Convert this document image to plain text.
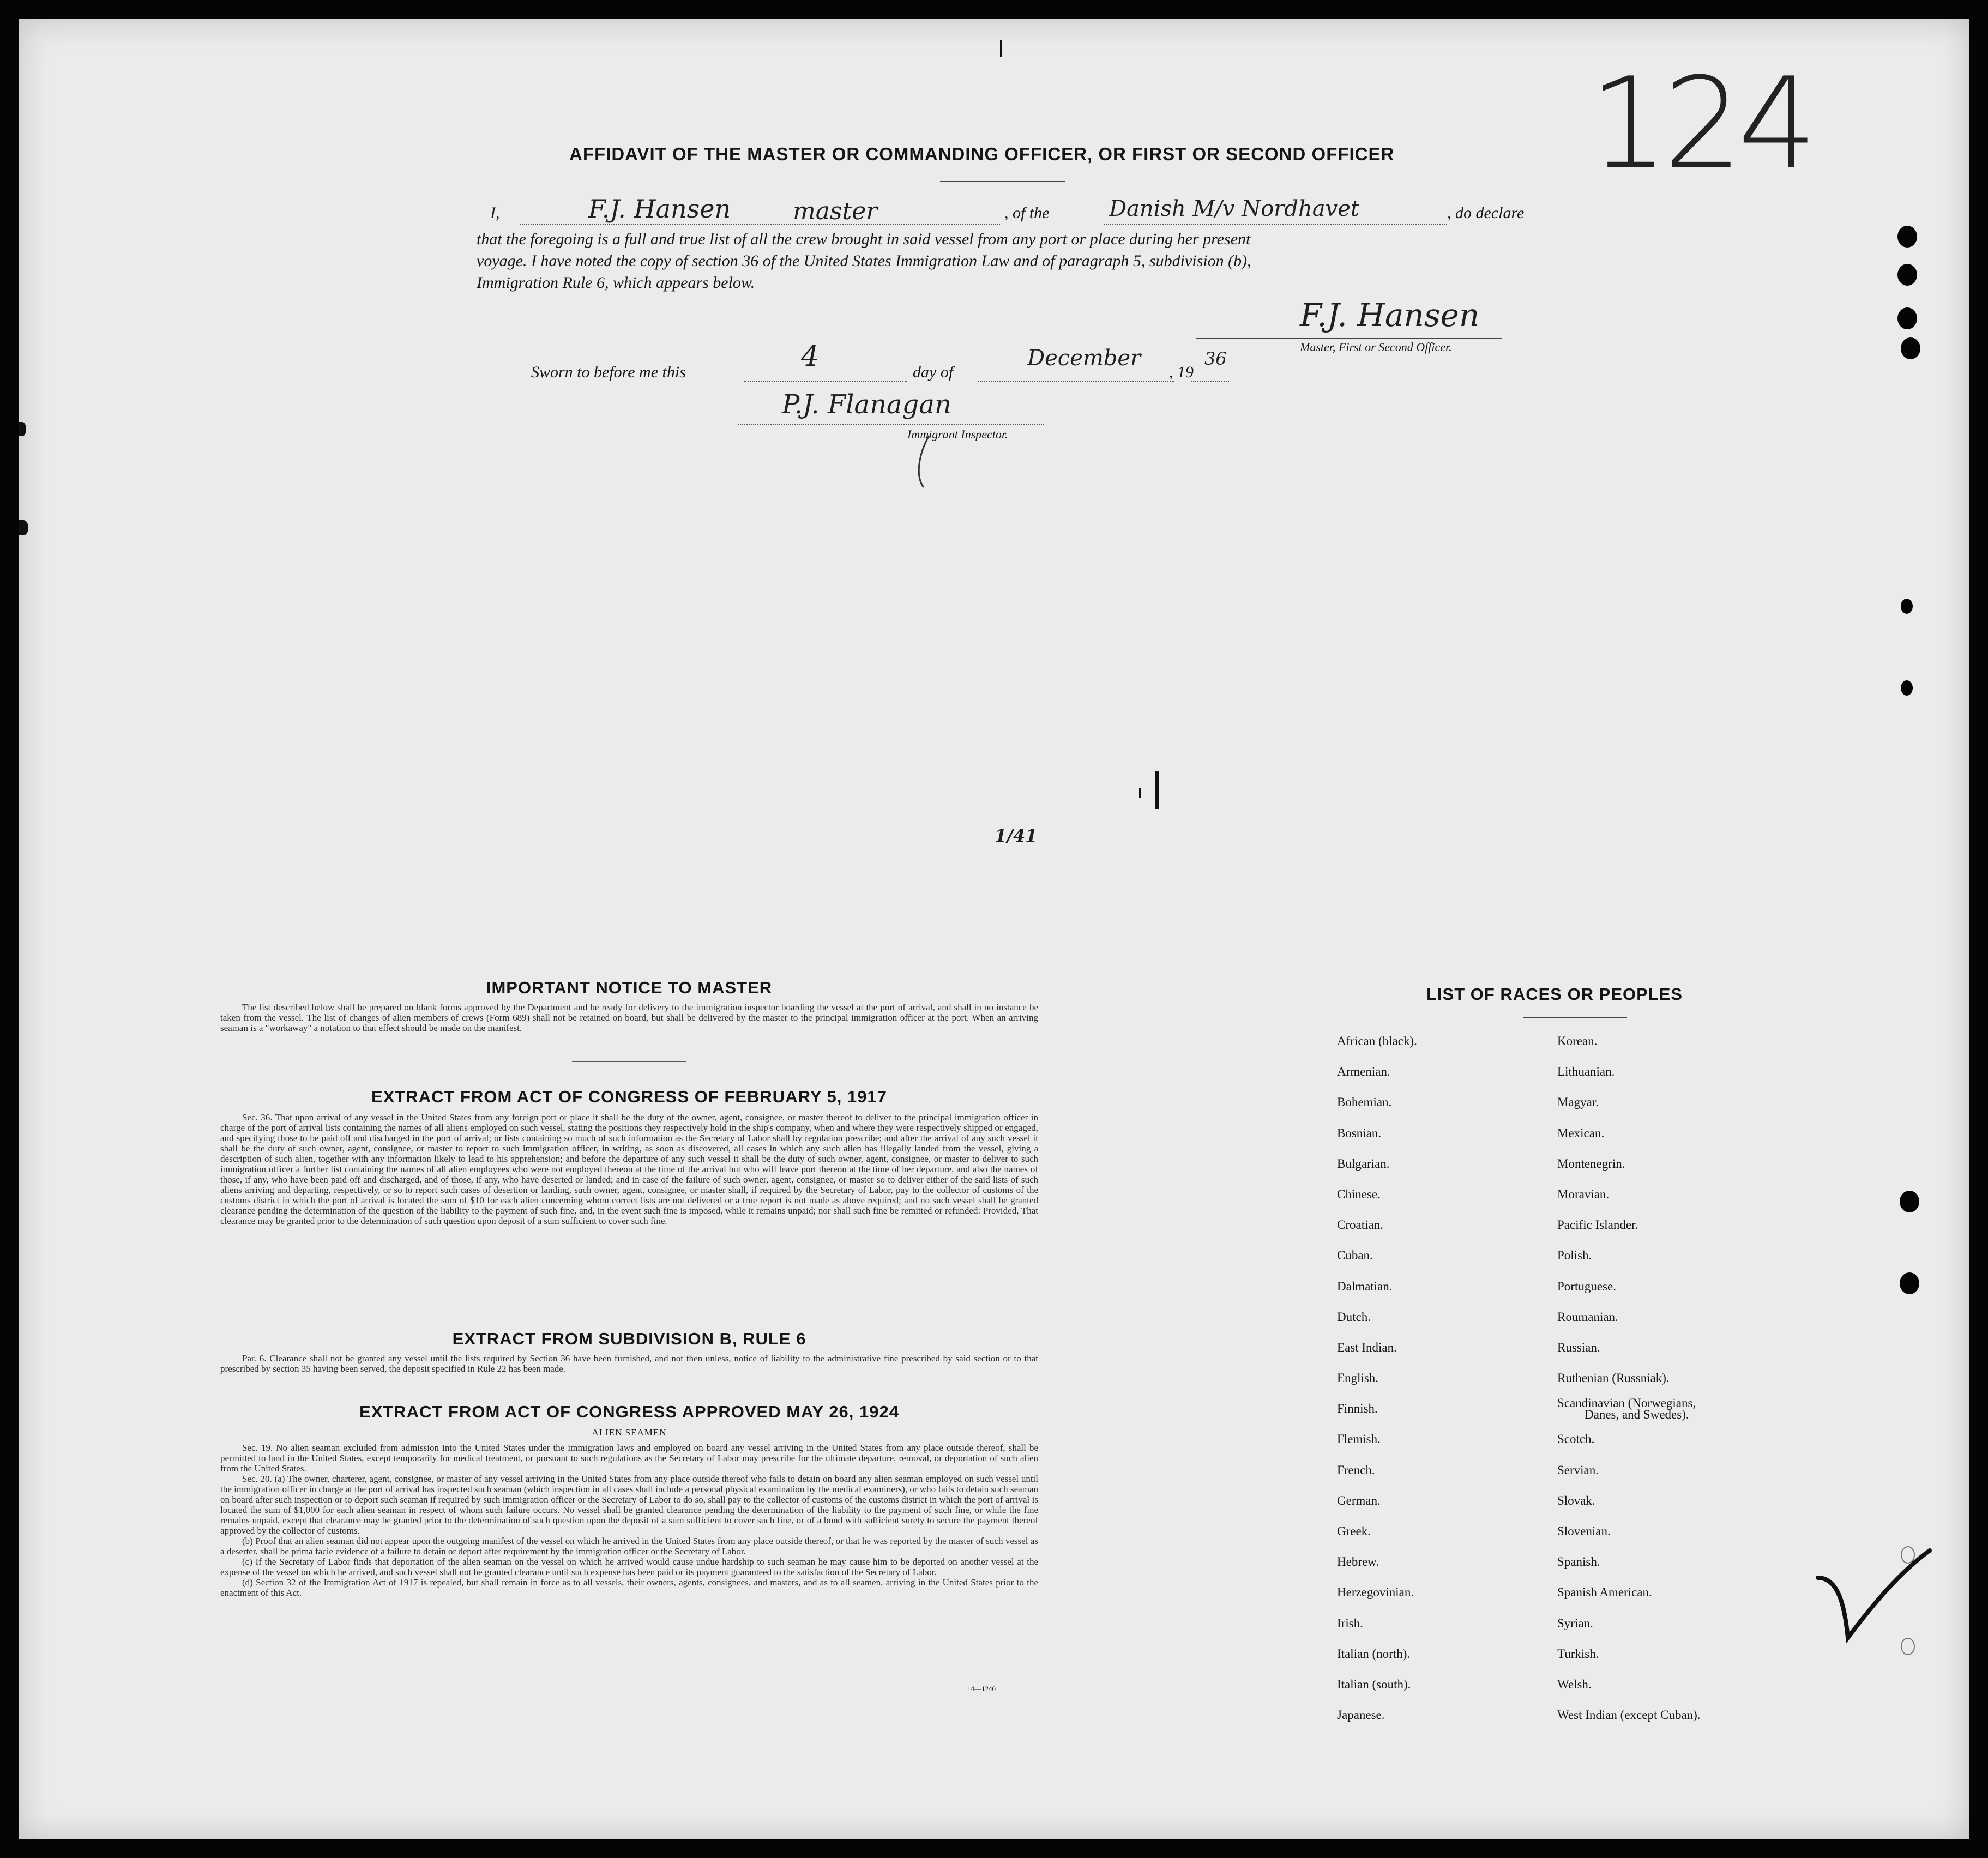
124
AFFIDAVIT OF THE MASTER OR COMMANDING OFFICER, OR FIRST OR SECOND OFFICER
I,	F.J. Hansen	master	, of the	Danish M/v Nordhavet	, do declare
that the foregoing is a full and true list of all the crew brought in said vessel from any port or place during her present
voyage. I have noted the copy of section 36 of the United States Immigration Law and of paragraph 5, subdivision (b),
Immigration Rule 6, which appears below.
F.J. Hansen
Master, First or Second Officer.
Sworn to before me this	4	day of
December
, 19
36
P.J. Flanagan
Immigrant Inspector.
1/41
IMPORTANT NOTICE TO MASTER

The list described below shall be prepared on blank forms approved by the Department and be ready for delivery to the immigration inspector boarding the vessel at the port of arrival, and shall in no instance be taken from the vessel. The list of changes of alien members of crews (Form 689) shall not be retained on board, but shall be delivered by the master to the principal immigration officer at the port. When an arriving seaman is a "workaway" a notation to that effect should be made on the manifest.

EXTRACT FROM ACT OF CONGRESS OF FEBRUARY 5, 1917

Sec. 36. That upon arrival of any vessel in the United States from any foreign port or place it shall be the duty of the owner, agent, consignee, or master thereof to deliver to the principal immigration officer in charge of the port of arrival lists containing the names of all aliens employed on such vessel, stating the positions they respectively hold in the ship's company, when and where they were respectively shipped or engaged, and specifying those to be paid off and discharged in the port of arrival; or lists containing so much of such information as the Secretary of Labor shall by regulation prescribe; and after the arrival of any such vessel it shall be the duty of such owner, agent, consignee, or master to report to such immigration officer, in writing, as soon as discovered, all cases in which any such alien has illegally landed from the vessel, giving a description of such alien, together with any information likely to lead to his apprehension; and before the departure of any such vessel it shall be the duty of such owner, agent, consignee, or master to deliver to such immigration officer a further list containing the names of all alien employees who were not employed thereon at the time of the arrival but who will leave port thereon at the time of her departure, and also the names of those, if any, who have been paid off and discharged, and of those, if any, who have deserted or landed; and in case of the failure of such owner, agent, consignee, or master so to deliver either of the said lists of such aliens arriving and departing, respectively, or so to report such cases of desertion or landing, such owner, agent, consignee, or master shall, if required by the Secretary of Labor, pay to the collector of customs of the customs district in which the port of arrival is located the sum of $10 for each alien concerning whom correct lists are not delivered or a true report is not made as above required; and no such vessel shall be granted clearance pending the determination of the question of the liability to the payment of such fine, and, in the event such fine is imposed, while it remains unpaid; nor shall such fine be remitted or refunded: Provided, That clearance may be granted prior to the determination of such question upon deposit of a sum sufficient to cover such fine.

EXTRACT FROM SUBDIVISION B, RULE 6

Par. 6. Clearance shall not be granted any vessel until the lists required by Section 36 have been furnished, and not then unless, notice of liability to the administrative fine prescribed by said section or to that prescribed by section 35 having been served, the deposit specified in Rule 22 has been made.

EXTRACT FROM ACT OF CONGRESS APPROVED MAY 26, 1924
ALIEN SEAMEN

Sec. 19. No alien seaman excluded from admission into the United States under the immigration laws and employed on board any vessel arriving in the United States from any place outside thereof, shall be permitted to land in the United States, except temporarily for medical treatment, or pursuant to such regulations as the Secretary of Labor may prescribe for the ultimate departure, removal, or deportation of such alien from the United States.

Sec. 20. (a) The owner, charterer, agent, consignee, or master of any vessel arriving in the United States from any place outside thereof who fails to detain on board any alien seaman employed on such vessel until the immigration officer in charge at the port of arrival has inspected such seaman (which inspection in all cases shall include a personal physical examination by the medical examiners), or who fails to detain such seaman on board after such inspection or to deport such seaman if required by such immigration officer or the Secretary of Labor to do so, shall pay to the collector of customs of the customs district in which the port of arrival is located the sum of $1,000 for each alien seaman in respect of whom such failure occurs. No vessel shall be granted clearance pending the determination of the liability to the payment of such fine, or while the fine remains unpaid, except that clearance may be granted prior to the determination of such question upon the deposit of a sum sufficient to cover such fine, or of a bond with sufficient surety to secure the payment thereof approved by the collector of customs.

(b) Proof that an alien seaman did not appear upon the outgoing manifest of the vessel on which he arrived in the United States from any place outside thereof, or that he was reported by the master of such vessel as a deserter, shall be prima facie evidence of a failure to detain or deport after requirement by the immigration officer or the Secretary of Labor.

(c) If the Secretary of Labor finds that deportation of the alien seaman on the vessel on which he arrived would cause undue hardship to such seaman he may cause him to be deported on another vessel at the expense of the vessel on which he arrived, and such vessel shall not be granted clearance until such expense has been paid or its payment guaranteed to the satisfaction of the Secretary of Labor.

(d) Section 32 of the Immigration Act of 1917 is repealed, but shall remain in force as to all vessels, their owners, agents, consignees, and masters, and as to all seamen, arriving in the United States prior to the enactment of this Act.

14—1240
LIST OF RACES OR PEOPLES
African (black).
Armenian.
Bohemian.
Bosnian.
Bulgarian.
Chinese.
Croatian.
Cuban.
Dalmatian.
Dutch.
East Indian.
English.
Finnish.
Flemish.
French.
German.
Greek.
Hebrew.
Herzegovinian.
Irish.
Italian (north).
Italian (south).
Japanese.
Korean.
Lithuanian.
Magyar.
Mexican.
Montenegrin.
Moravian.
Pacific Islander.
Polish.
Portuguese.
Roumanian.
Russian.
Ruthenian (Russniak).
Scandinavian (Norwegians,
Danes, and Swedes).
Scotch.
Servian.
Slovak.
Slovenian.
Spanish.
Spanish American.
Syrian.
Turkish.
Welsh.
West Indian (except Cuban).
